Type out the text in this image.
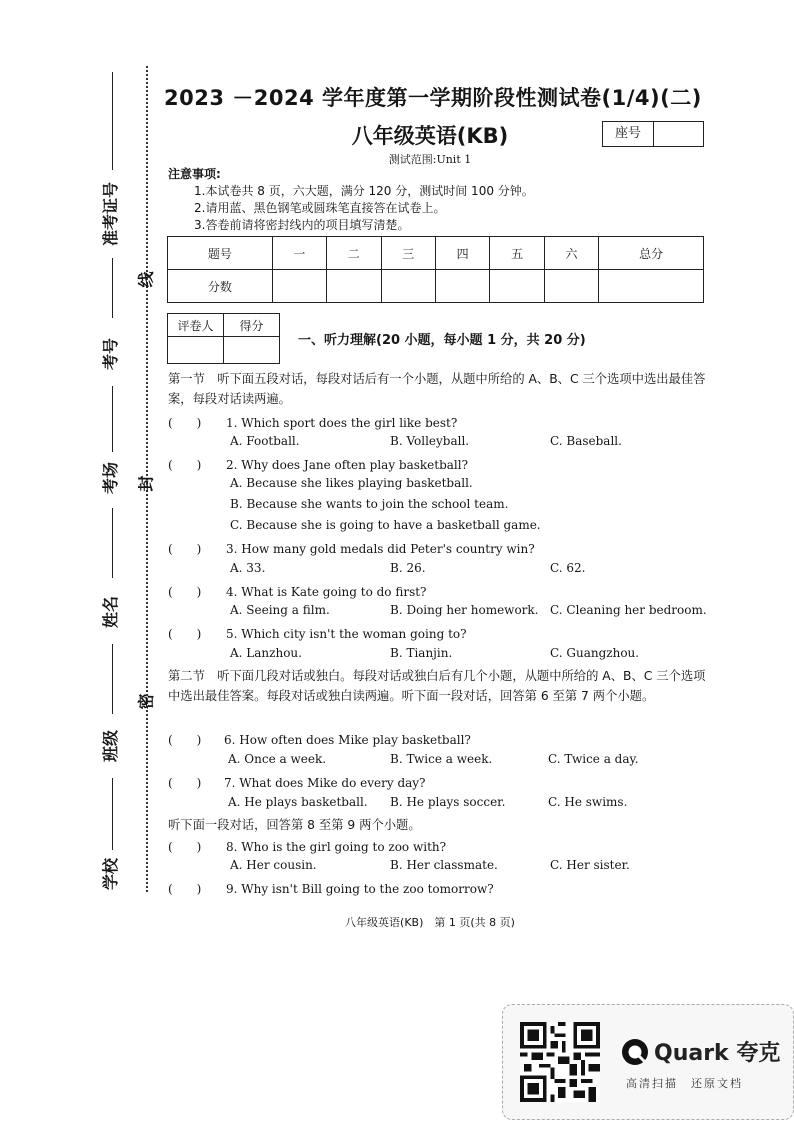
准考证号
考号
考场
姓名
班级
学校
线
封
密
2023 －2024 学年度第一学期阶段性测试卷(1/4)(二)
八年级英语(KB)	座号
测试范围:Unit 1
注意事项:
1.本试卷共 8 页，六大题，满分 120 分，测试时间 100 分钟。
2.请用蓝、黑色钢笔或圆珠笔直接答在试卷上。
3.答卷前请将密封线内的项目填写清楚。
题号	一	二	三	四	五	六	总分
分数							
评卷人	得分

一、听力理解(20 小题，每小题 1 分，共 20 分)
第一节　听下面五段对话，每段对话后有一个小题，从题中所给的 A、B、C 三个选项中选出最佳答案，每段对话读两遍。
(　　) 1. Which sport does the girl like best?
A. Football.	B. Volleyball.	C. Baseball.
(　　) 2. Why does Jane often play basketball?
A. Because she likes playing basketball.
B. Because she wants to join the school team.
C. Because she is going to have a basketball game.
(　　) 3. How many gold medals did Peter's country win?
A. 33.	B. 26.	C. 62.
(　　) 4. What is Kate going to do first?
A. Seeing a film.	B. Doing her homework. C. Cleaning her bedroom.
(　　) 5. Which city isn't the woman going to?
A. Lanzhou.	B. Tianjin.	C. Guangzhou.
第二节　听下面几段对话或独白。每段对话或独白后有几个小题，从题中所给的 A、B、C 三个选项中选出最佳答案。每段对话或独白读两遍。听下面一段对话，回答第 6 至第 7 两个小题。
(　　) 6. How often does Mike play basketball?
A. Once a week.	B. Twice a week.	C. Twice a day.
(　　) 7. What does Mike do every day?
A. He plays basketball. B. He plays soccer.	C. He swims.
听下面一段对话，回答第 8 至第 9 两个小题。
(　　) 8. Who is the girl going to zoo with?
A. Her cousin.	B. Her classmate.	C. Her sister.
(　　) 9. Why isn't Bill going to the zoo tomorrow?
八年级英语(KB)　第 1 页(共 8 页)
Quark 夸克
高清扫描　还原文档
